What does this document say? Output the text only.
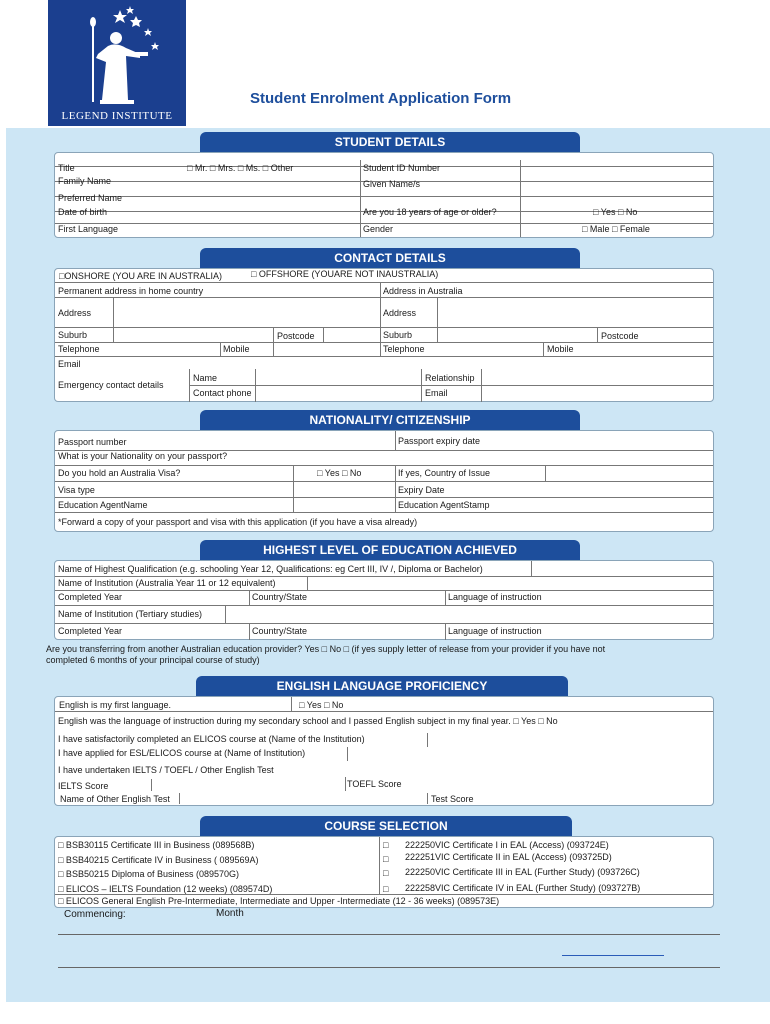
LEGEND INSTITUTE
Student Enrolment Application Form
STUDENT DETAILS
Title	□ Mr. □ Mrs. □ Ms. □ Other	Student ID Number
Family Name	Given Name/s
Preferred Name
Date of birth	Are you 18 years of age or older?	□ Yes □ No
First Language	Gender	□ Male □ Female
CONTACT DETAILS
□ONSHORE (YOU ARE IN AUSTRALIA)	□ OFFSHORE (YOUARE NOT INAUSTRALIA)
Permanent address in home country	Address in Australia
Address	Address
Suburb	Postcode	Suburb	Postcode
Telephone	Mobile	Telephone	Mobile
Email
Emergency contact details
Name	Relationship
Contact phone	Email
NATIONALITY/ CITIZENSHIP
Passport number	Passport expiry date
What is your Nationality on your passport?
Do you hold an Australia Visa?	□ Yes □ No	If yes, Country of Issue
Visa type	Expiry Date
Education AgentName	Education AgentStamp
*Forward a copy of your passport and visa with this application (if you have a visa already)
HIGHEST LEVEL OF EDUCATION ACHIEVED
Name of Highest Qualification (e.g. schooling Year 12, Qualifications: eg Cert III, IV /, Diploma or Bachelor)
Name of Institution (Australia Year 11 or 12 equivalent)
Completed Year	Country/State	Language of instruction
Name of Institution (Tertiary studies)
Completed Year	Country/State	Language of instruction
Are you transferring from another Australian education provider? Yes □ No □ (if yes supply letter of release from your provider if you have not
completed 6 months of your principal course of study)
ENGLISH LANGUAGE PROFICIENCY
English is my first language.	□ Yes □ No
English was the language of instruction during my secondary school and I passed English subject in my final year. □ Yes □ No
I have satisfactorily completed an ELICOS course at (Name of the Institution)
I have applied for ESL/ELICOS course at (Name of Institution)
I have undertaken IELTS / TOEFL / Other English Test
IELTS Score	TOEFL Score
Name of Other English Test	Test Score
COURSE SELECTION
□ BSB30115 Certificate III in Business (089568B)
□ BSB40215 Certificate IV in Business ( 089569A)
□ BSB50215 Diploma of Business (089570G)
□ ELICOS – IELTS Foundation (12 weeks) (089574D)
□ 222250VIC Certificate I in EAL (Access) (093724E)
□ 222251VIC Certificate II in EAL (Access) (093725D)
□ 222250VIC Certificate III in EAL (Further Study) (093726C)
□ 222258VIC Certificate IV in EAL (Further Study) (093727B)
□ ELICOS General English Pre-Intermediate, Intermediate and Upper -Intermediate (12 - 36 weeks) (089573E)
Commencing:	Month
